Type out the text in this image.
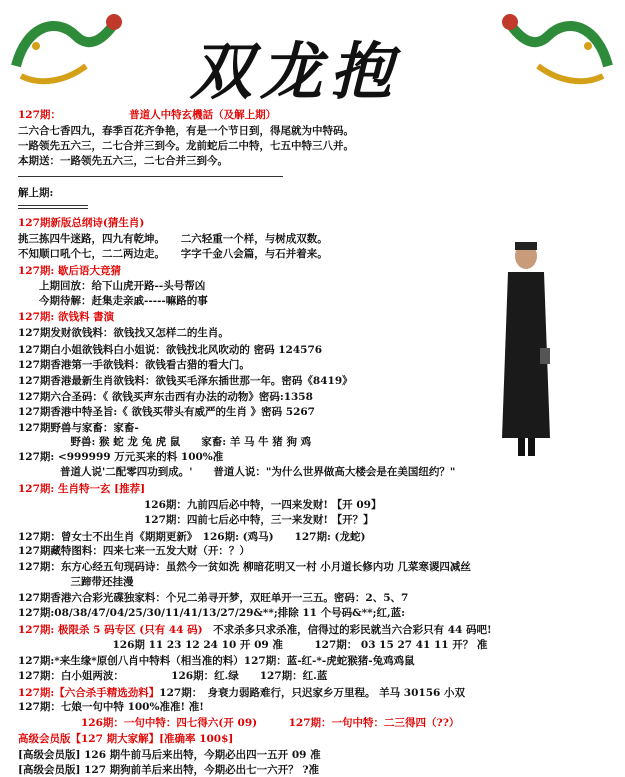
双龙抱
127期：　　　　　　　普道人中特玄機話（及解上期）
二六合七香四九，春季百花齐争艳，有是一个节日到，得尾就为中特码。
一路领先五六三，二七合并三到今。龙前蛇后二中特，七五中特三八并。
本期送：一路领先五六三，二七合并三到今。
解上期:
127期新版总纲诗(猜生肖)
挑三拣四牛迷路，四九有乾坤。　　二六轻重一个样，与树成双数。
不知顺口吼个七，二二两边走。　　字字千金八会篇，与石并着来。
127期: 歇后语大竞猜
　　上期回放：给下山虎开路--头号帮凶
　　今期待解：赶集走亲戚-----嘛路的事
127期: 欲钱料 書演
127期发财欲钱料：欲钱找又怎样二的生肖。
127期白小姐欲钱料白小姐说：欲钱找北风吹动的 密码 124576
127期香港第一手欲钱料：欲钱看古猎的看大门。
127期香港最新生肖欲钱料：欲钱买毛泽东插世那一年。密码《8419》
127期六合圣码：《 欲钱买声东击西有办法的动物》密码:1358
127期香港中特圣旨:《 欲钱买带头有威严的生肖 》密码 5267
127期野兽与家畜：家畜-
　　　　　野兽: 猴 蛇 龙 兔 虎 鼠　　家畜: 羊 马 牛 猪 狗 鸡
127期: <999999 万元买来的料 100%准
　　　　普道人说'二配零四功到成。'　　普道人说："为什么世界做高大楼会是在美国纽约？"
127期: 生肖特一玄 [推荐]
　　　　　　　　　　　　126期：九前四后必中特，一四来发财! 【开 09】
　　　　　　　　　　　　127期：四前七后必中特，三一来发财! 【开？】
127期：曾女士不出生肖《期期更新》　126期: (鸡马)　　127期: (龙蛇)
127期藏特图料：四来七来一五发大财（开：？）
127期：东方心经五句现码诗：虽然今一贫如洗 柳暗花明又一村 小月道长修内功 几菜寒谡四减丝
　　　　　三蹄带还挂漫
127期香港六合彩光碟独家料：个兄二弟寻开梦，双旺单开一三五。密码：2、5、7
127期:08/38/47/04/25/30/11/41/13/27/29&**;排除 11 个号码&**;红,蓝:
127期: 极限杀 5 码专区 (只有 44 码)　不求杀多只求杀准，信得过的彩民就当六合彩只有 44 码吧!
　　　　　　　　　126期 11 23 12 24 10 开 09 准　　　127期： 03 15 27 41 11 开？ 准
127期:*来生缘*原创八肖中特料（相当准的料）127期：蓝-红-*-虎蛇猴猪-兔鸡鸡鼠
127期：白小姐两波：　　　　　126期：红.绿　　127期：红.蓝
127期:【六合杀手精选劲料】127期：　身衰力弱路难行，只迟家乡万里程。 羊马 30156 小双
127期：七娘一句中特 100%准准! 准!
　　　　　　126期：一句中特：四七得六(开 09)　　　127期：一句中特：二三得四（??）
高级会员版【127 期大家解】[准确率 100$]
[高级会员版] 126 期牛前马后来出特，今期必出四一五开 09 准
[高级会员版] 127 期狗前羊后来出特，今期必出七一六开？ ?准
